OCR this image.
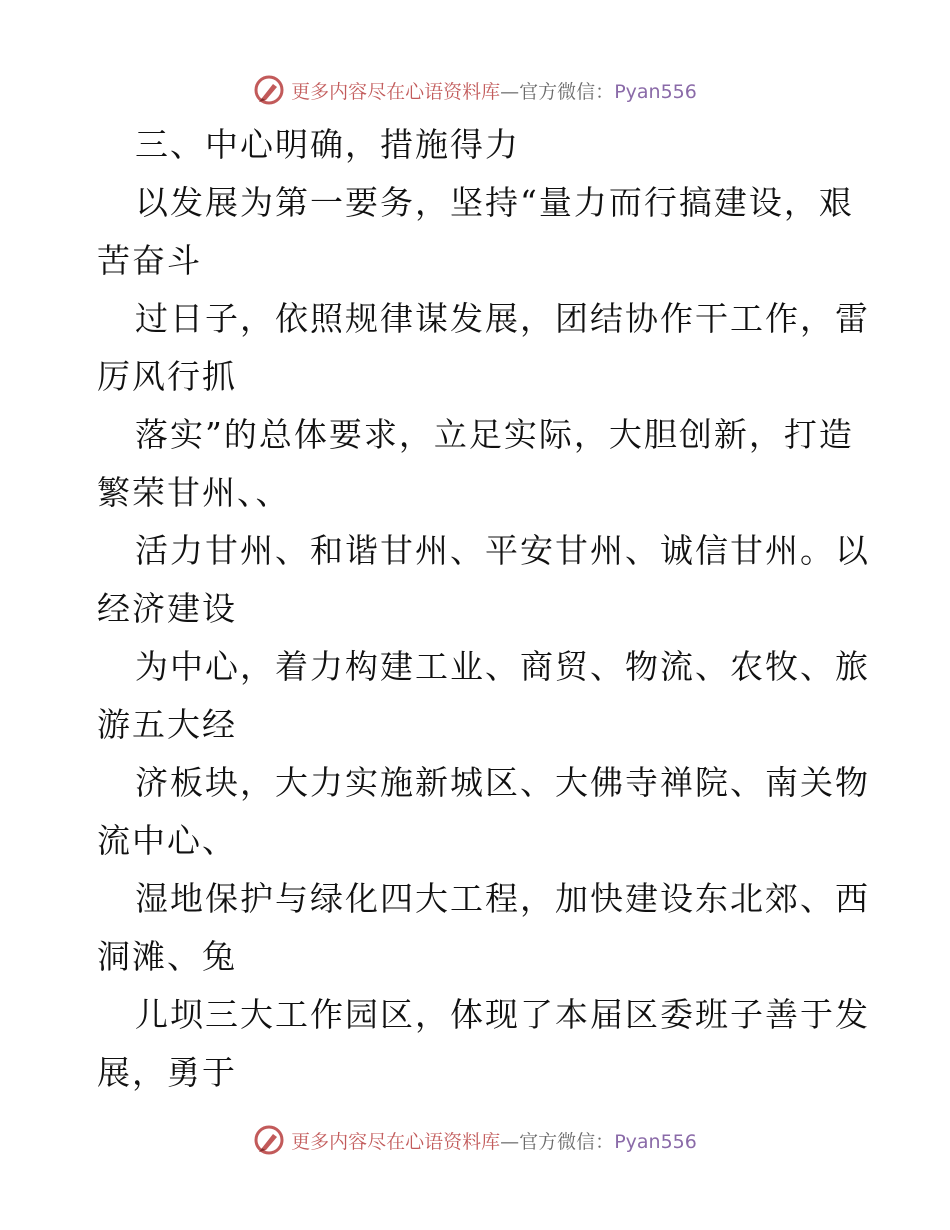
更多内容尽在心语资料库—官方微信：Pyan556
三、中心明确，措施得力
以发展为第一要务，坚持“量力而行搞建设，艰
苦奋斗
过日子，依照规律谋发展，团结协作干工作，雷
厉风行抓
落实”的总体要求，立足实际，大胆创新，打造
繁荣甘州、、
活力甘州、和谐甘州、平安甘州、诚信甘州。以
经济建设
为中心，着力构建工业、商贸、物流、农牧、旅
游五大经
济板块，大力实施新城区、大佛寺禅院、南关物
流中心、
湿地保护与绿化四大工程，加快建设东北郊、西
洞滩、兔
儿坝三大工作园区，体现了本届区委班子善于发
展，勇于
更多内容尽在心语资料库—官方微信：Pyan556
